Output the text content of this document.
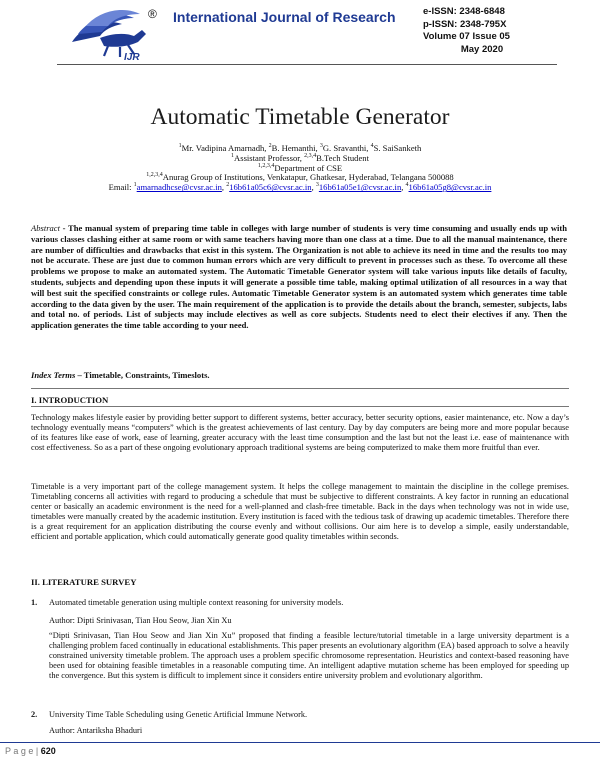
IJR
® International Journal of Research	e-ISSN: 2348-6848
p-ISSN: 2348-795X
Volume 07 Issue 05
May 2020
Automatic Timetable Generator
$^1$Mr. Vadipina Amarnadh, $^2$B. Hemanthi, $^3$G. Sravanthi, $^4$S. SaiSanketh
$^1$Assistant Professor, $^{2,3,4}$B.Tech Student
$^{1,2,3,4}$Department of CSE
$^{1,2,3,4}$Anurag Group of Institutions, Venkatapur, Ghatkesar, Hyderabad, Telangana 500088
Email: $^1$amarnadhcse@cvsr.ac.in, $^2$16b61a05c6@cvsr.ac.in, $^3$16b61a05e1@cvsr.ac.in, $^4$16b61a05g8@cvsr.ac.in
Abstract - The manual system of preparing time table in colleges with large number of students is very time consuming and usually ends up with various classes clashing either at same room or with same teachers having more than one class at a time. Due to all the manual maintenance, there are number of difficulties and drawbacks that exist in this system. The Organization is not able to achieve its need in time and the results too may not be accurate. These are just due to common human errors which are very difficult to prevent in processes such as these. To overcome all these problems we propose to make an automated system. The Automatic Timetable Generator system will take various inputs like details of faculty, students, subjects and depending upon these inputs it will generate a possible time table, making optimal utilization of all resources in a way that will best suit the specified constraints or college rules. Automatic Timetable Generator system is an automated system which generates time table according to the data given by the user. The main requirement of the application is to provide the details about the branch, semester, subjects, labs and total no. of periods. List of subjects may include electives as well as core subjects. Students need to elect their electives if any. Then the application generates the time table according to your need.
Index Terms – Timetable, Constraints, Timeslots.
I. INTRODUCTION
Technology makes lifestyle easier by providing better support to different systems, better accuracy, better security options, easier maintenance, etc. Now a day’s technology eventually means “computers” which is the greatest achievements of last century. Day by day computers are being more and more popular because of its features like ease of work, ease of learning, greater accuracy with the least time consumption and the last but not the least i.e. ease of maintenance with cost effectiveness. So as a part of these ongoing evolutionary approach traditional systems are being computerized to make them more fruitful than ever.
Timetable is a very important part of the college management system. It helps the college management to maintain the discipline in the college premises. Timetabling concerns all activities with regard to producing a schedule that must be subjective to different constraints. A key factor in running an educational center or basically an academic environment is the need for a well-planned and clash-free timetable. Back in the days when technology was not in wide use, timetables were manually created by the academic institution. Every institution is faced with the tedious task of drawing up academic timetables. Therefore there is a great requirement for an application distributing the course evenly and without collisions. Our aim here is to develop a simple, easily understandable, efficient and portable application, which could automatically generate good quality timetables within seconds.
II. LITERATURE SURVEY
1. Automated timetable generation using multiple context reasoning for university models.
Author: Dipti Srinivasan, Tian Hou Seow, Jian Xin Xu
“Dipti Srinivasan, Tian Hou Seow and Jian Xin Xu” proposed that finding a feasible lecture/tutorial timetable in a large university department is a challenging problem faced continually in educational establishments. This paper presents an evolutionary algorithm (EA) based approach to solve a heavily constrained university timetable problem. The approach uses a problem specific chromosome representation. Heuristics and context-based reasoning have been used for obtaining feasible timetables in a reasonable computing time. An intelligent adaptive mutation scheme has been employed for speeding up the convergence. But this system is difficult to implement since it considers entire university problem and evolutionary algorithm.
2. University Time Table Scheduling using Genetic Artificial Immune Network.
Author: Antariksha Bhaduri
P a g e | 620
